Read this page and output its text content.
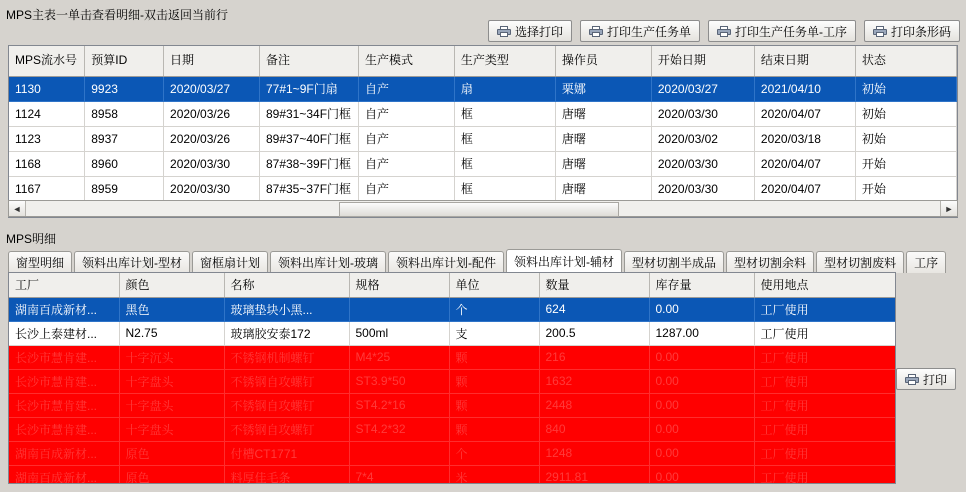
MPS主表一单击查看明细-双击返回当前行
选择打印	打印生产任务单	打印生产任务单-工序	打印条形码
MPS流水号	预算ID	日期	备注	生产模式	生产类型	操作员	开始日期	结束日期	状态
1130	9923	2020/03/27	77#1~9F门扇	自产	扇	栗娜	2020/03/27	2021/04/10	初始
1124	8958	2020/03/26	89#31~34F门框	自产	框	唐曙	2020/03/30	2020/04/07	初始
1123	8937	2020/03/26	89#37~40F门框	自产	框	唐曙	2020/03/02	2020/03/18	初始
1168	8960	2020/03/30	87#38~39F门框	自产	框	唐曙	2020/03/30	2020/04/07	开始
1167	8959	2020/03/30	87#35~37F门框	自产	框	唐曙	2020/03/30	2020/04/07	开始
◄	►
MPS明细
窗型明细	领料出库计划-型材	窗框扇计划	领料出库计划-玻璃	领料出库计划-配件	领料出库计划-辅材	型材切割半成品	型材切割余料	型材切割废料	工序
工厂	颜色	名称	规格	单位	数量	库存量	使用地点
湖南百成新材...	黑色	玻璃垫块小黑...		个	624	0.00	工厂使用
长沙上泰建材...	N2.75	玻璃胶安泰172	500ml	支	200.5	1287.00	工厂使用
长沙市慧肯建...	十字沉头	不锈钢机制螺钉	M4*25	颗	216	0.00	工厂使用
长沙市慧肯建...	十字盘头	不锈钢自攻螺钉	ST3.9*50	颗	1632	0.00	工厂使用
长沙市慧肯建...	十字盘头	不锈钢自攻螺钉	ST4.2*16	颗	2448	0.00	工厂使用
长沙市慧肯建...	十字盘头	不锈钢自攻螺钉	ST4.2*32	颗	840	0.00	工厂使用
湖南百成新材...	原色	付槽CT1771		个	1248	0.00	工厂使用
湖南百成新材...	原色	料厚佳毛条	7*4	米	2911.81	0.00	工厂使用
打印
